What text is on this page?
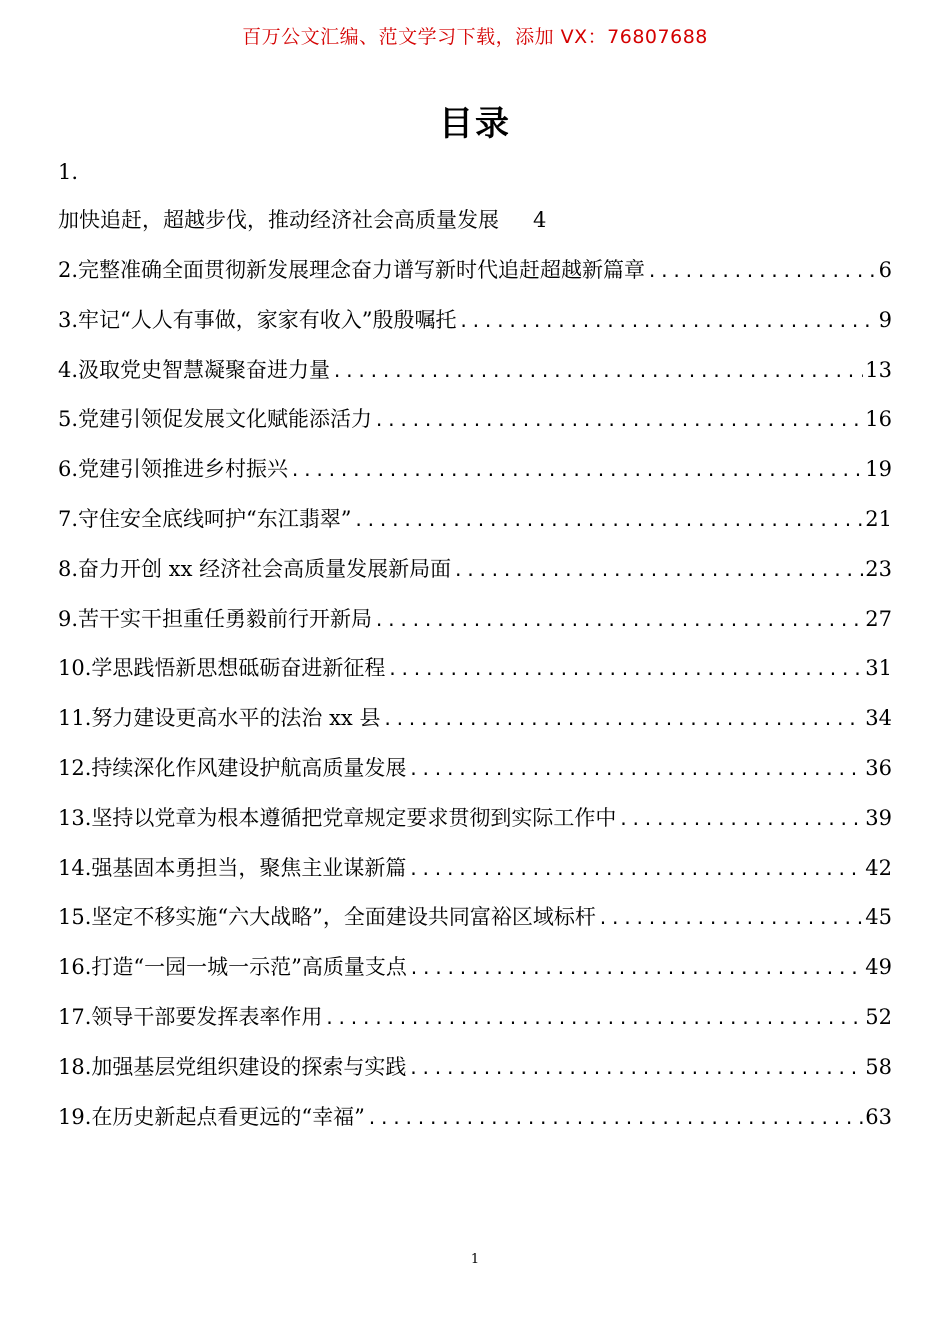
百万公文汇编、范文学习下载，添加 VX：76807688
目录
1.
加快追赶，超越步伐，推动经济社会高质量发展 4
2. 完整准确全面贯彻新发展理念奋力谱写新时代追赶超越新篇章 .....	6
3. 牢记“人人有事做，家家有收入”殷殷嘱托 .....	9
4. 汲取党史智慧凝聚奋进力量 .....	13
5. 党建引领促发展文化赋能添活力 .....	16
6. 党建引领推进乡村振兴 .....	19
7. 守住安全底线呵护“东江翡翠” .....	21
8. 奋力开创 xx 经济社会高质量发展新局面 .....	23
9. 苦干实干担重任勇毅前行开新局 .....	27
10. 学思践悟新思想砥砺奋进新征程 .....	31
11. 努力建设更高水平的法治 xx 县 .....	34
12. 持续深化作风建设护航高质量发展 .....	36
13. 坚持以党章为根本遵循把党章规定要求贯彻到实际工作中 .....	39
14. 强基固本勇担当，聚焦主业谋新篇 .....	42
15. 坚定不移实施“六大战略”，全面建设共同富裕区域标杆 .....	45
16. 打造“一园一城一示范”高质量支点 .....	49
17. 领导干部要发挥表率作用 .....	52
18. 加强基层党组织建设的探索与实践 .....	58
19. 在历史新起点看更远的“幸福” .....	63
1
